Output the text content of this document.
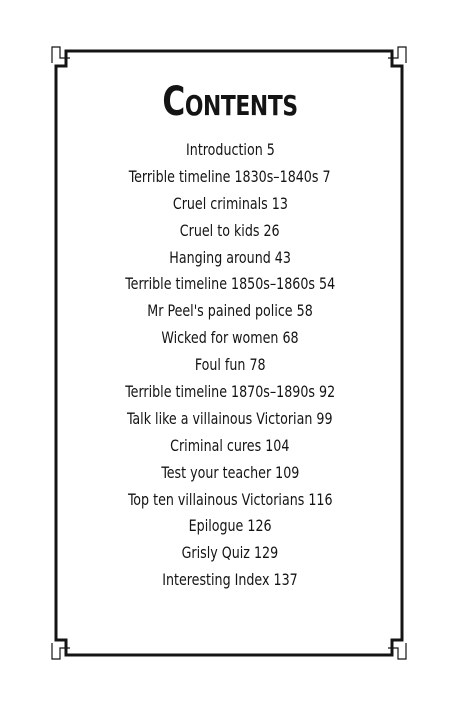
Contents
Introduction 5
Terrible timeline 1830s–1840s 7
Cruel criminals 13
Cruel to kids 26
Hanging around 43
Terrible timeline 1850s–1860s 54
Mr Peel's pained police 58
Wicked for women 68
Foul fun 78
Terrible timeline 1870s–1890s 92
Talk like a villainous Victorian 99
Criminal cures 104
Test your teacher 109
Top ten villainous Victorians 116
Epilogue 126
Grisly Quiz 129
Interesting Index 137
